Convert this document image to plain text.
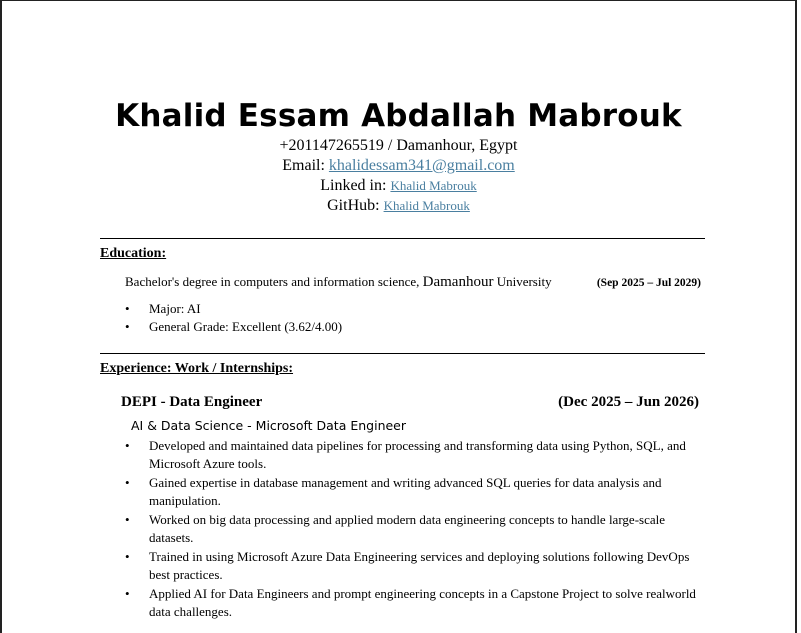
Khalid Essam Abdallah Mabrouk
+201147265519 / Damanhour, Egypt
Email: khalidessam341@gmail.com
Linked in: Khalid Mabrouk
GitHub: Khalid Mabrouk
Education:
Bachelor's degree in computers and information science, Damanhour University	(Sep 2025 – Jul 2029)
• Major: AI
• General Grade: Excellent (3.62/4.00)
Experience: Work / Internships:
DEPI - Data Engineer	(Dec 2025 – Jun 2026)
AI & Data Science - Microsoft Data Engineer
• Developed and maintained data pipelines for processing and transforming data using Python, SQL, and Microsoft Azure tools.
• Gained expertise in database management and writing advanced SQL queries for data analysis and manipulation.
• Worked on big data processing and applied modern data engineering concepts to handle large-scale datasets.
• Trained in using Microsoft Azure Data Engineering services and deploying solutions following DevOps best practices.
• Applied AI for Data Engineers and prompt engineering concepts in a Capstone Project to solve realworld data challenges.
